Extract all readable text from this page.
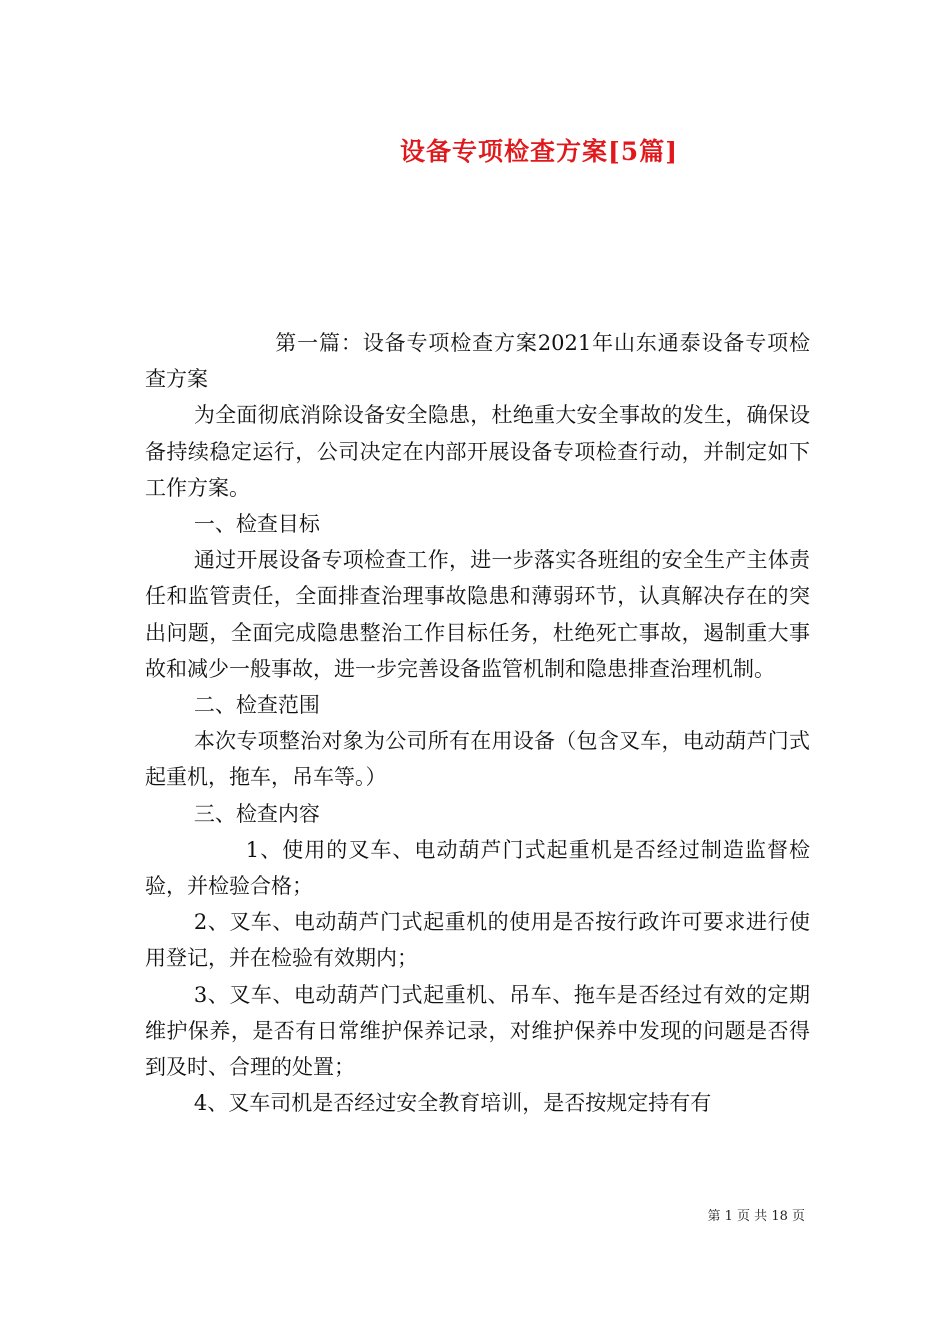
设备专项检查方案[5篇]

第一篇：设备专项检查方案2021年山东通泰设备专项检查方案

为全面彻底消除设备安全隐患，杜绝重大安全事故的发生，确保设备持续稳定运行，公司决定在内部开展设备专项检查行动，并制定如下工作方案。

一、检查目标

通过开展设备专项检查工作，进一步落实各班组的安全生产主体责任和监管责任，全面排查治理事故隐患和薄弱环节，认真解决存在的突出问题，全面完成隐患整治工作目标任务，杜绝死亡事故，遏制重大事故和减少一般事故，进一步完善设备监管机制和隐患排查治理机制。

二、检查范围

本次专项整治对象为公司所有在用设备（包含叉车，电动葫芦门式起重机，拖车，吊车等。）

三、检查内容

1、使用的叉车、电动葫芦门式起重机是否经过制造监督检验，并检验合格；

2、叉车、电动葫芦门式起重机的使用是否按行政许可要求进行使用登记，并在检验有效期内；

3、叉车、电动葫芦门式起重机、吊车、拖车是否经过有效的定期维护保养，是否有日常维护保养记录，对维护保养中发现的问题是否得到及时、合理的处置；

4、叉车司机是否经过安全教育培训，是否按规定持有有

第 1 页 共 18 页
